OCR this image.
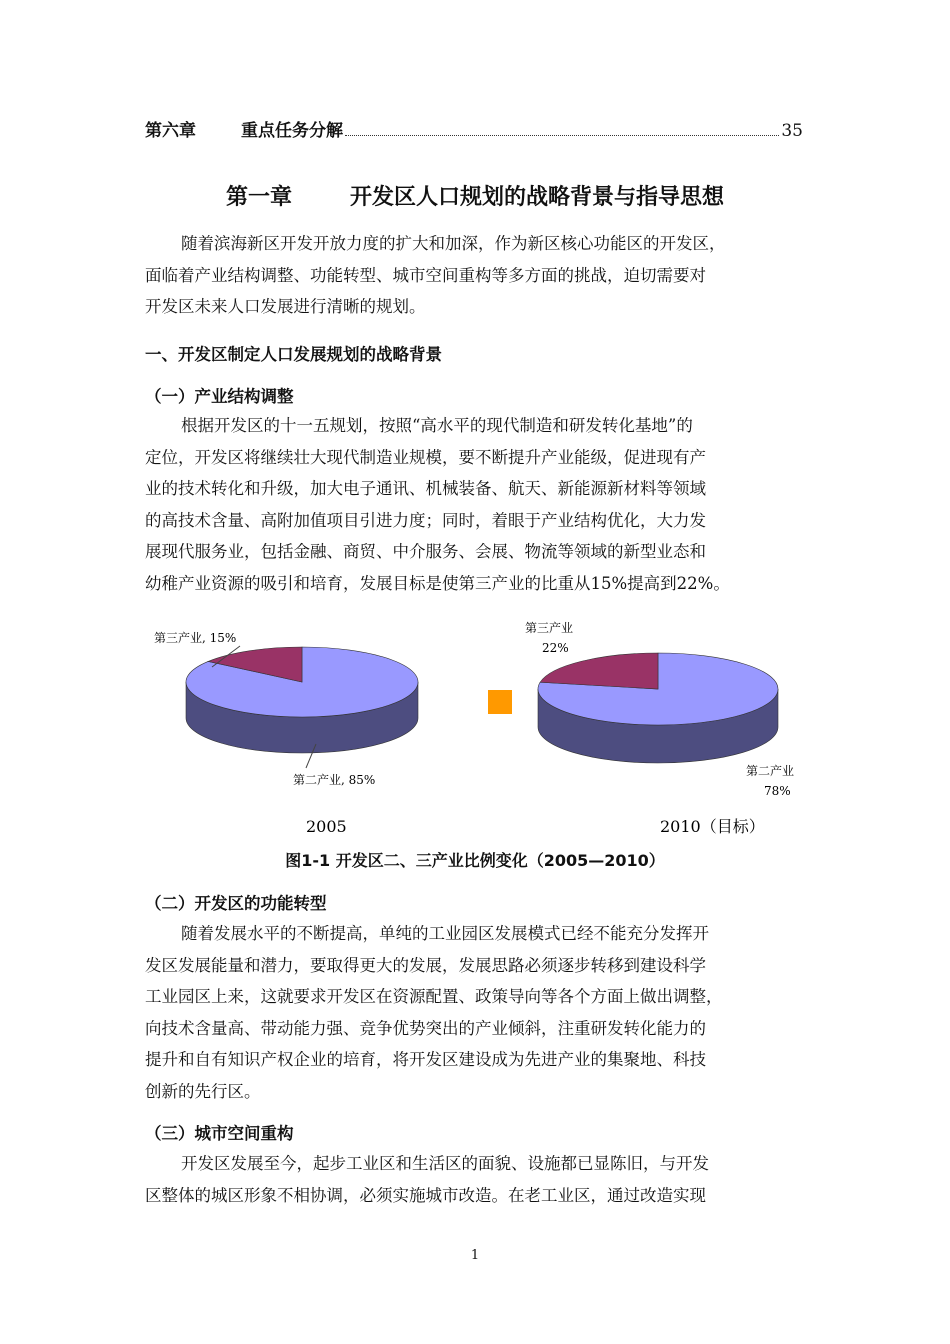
第六章	重点任务分解	35
第一章	开发区人口规划的战略背景与指导思想
随着滨海新区开发开放力度的扩大和加深，作为新区核心功能区的开发区，
面临着产业结构调整、功能转型、城市空间重构等多方面的挑战，迫切需要对
开发区未来人口发展进行清晰的规划。
一、开发区制定人口发展规划的战略背景
（一）产业结构调整
根据开发区的十一五规划，按照“高水平的现代制造和研发转化基地”的
定位，开发区将继续壮大现代制造业规模，要不断提升产业能级，促进现有产
业的技术转化和升级，加大电子通讯、机械装备、航天、新能源新材料等领域
的高技术含量、高附加值项目引进力度；同时，着眼于产业结构优化，大力发
展现代服务业，包括金融、商贸、中介服务、会展、物流等领域的新型业态和
幼稚产业资源的吸引和培育，发展目标是使第三产业的比重从15%提高到22%。
第三产业, 15%
第二产业, 85%
第三产业
22%
第二产业
78%
2005	2010（目标）
图1-1 开发区二、三产业比例变化（2005—2010）
（二）开发区的功能转型
随着发展水平的不断提高，单纯的工业园区发展模式已经不能充分发挥开
发区发展能量和潜力，要取得更大的发展，发展思路必须逐步转移到建设科学
工业园区上来，这就要求开发区在资源配置、政策导向等各个方面上做出调整，
向技术含量高、带动能力强、竞争优势突出的产业倾斜，注重研发转化能力的
提升和自有知识产权企业的培育，将开发区建设成为先进产业的集聚地、科技
创新的先行区。
（三）城市空间重构
开发区发展至今，起步工业区和生活区的面貌、设施都已显陈旧，与开发
区整体的城区形象不相协调，必须实施城市改造。在老工业区，通过改造实现
1
